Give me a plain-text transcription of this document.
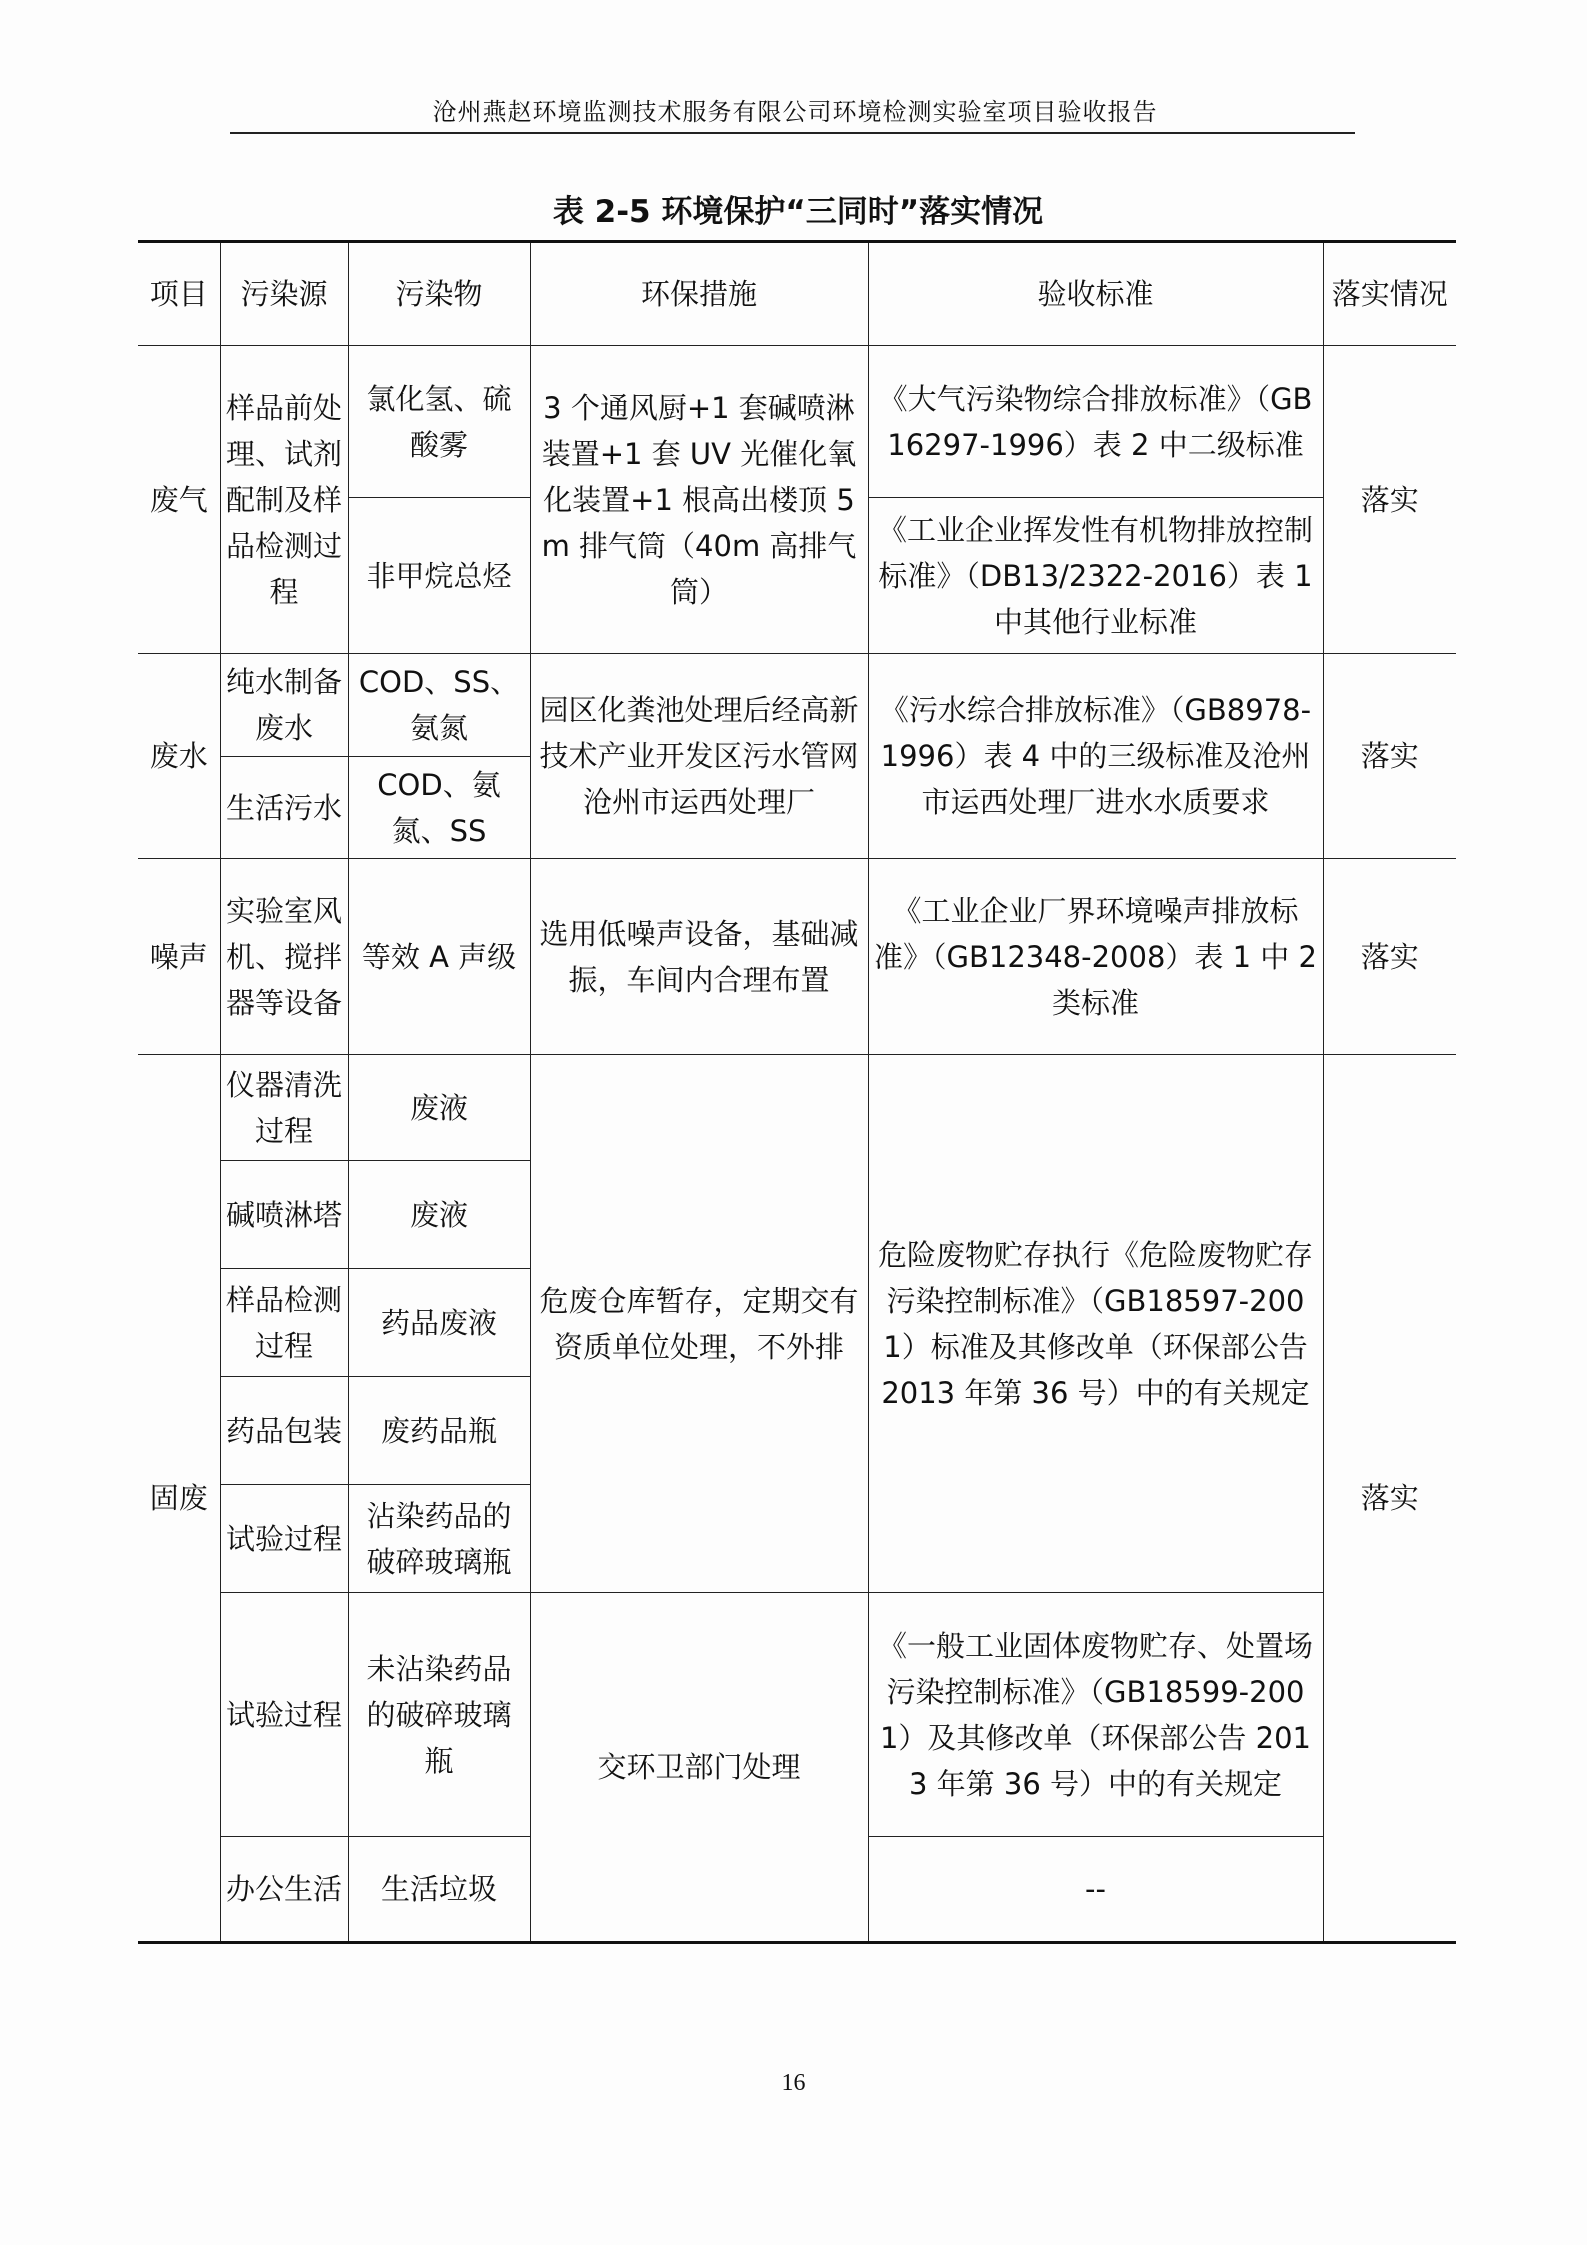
沧州燕赵环境监测技术服务有限公司环境检测实验室项目验收报告
表 2-5 环境保护“三同时”落实情况
项目	污染源	污染物	环保措施	验收标准	落实情况
废气	样品前处理、试剂配制及样品检测过程	氯化氢、硫酸雾	3 个通风厨+1 套碱喷淋装置+1 套 UV 光催化氧化装置+1 根高出楼顶 5m 排气筒（40m 高排气筒）	《大气污染物综合排放标准》（GB16297-1996）表 2 中二级标准	落实
		非甲烷总烃		《工业企业挥发性有机物排放控制标准》（DB13/2322-2016）表 1 中其他行业标准	
废水	纯水制备废水	COD、SS、氨氮	园区化粪池处理后经高新技术产业开发区污水管网沧州市运西处理厂	《污水综合排放标准》（GB8978-1996）表 4 中的三级标准及沧州市运西处理厂进水水质要求	落实
	生活污水	COD、氨氮、SS			
噪声	实验室风机、搅拌器等设备	等效 A 声级	选用低噪声设备，基础减振，车间内合理布置	《工业企业厂界环境噪声排放标准》（GB12348-2008）表 1 中 2 类标准	落实
固废	仪器清洗过程	废液	危废仓库暂存，定期交有资质单位处理，不外排	危险废物贮存执行《危险废物贮存污染控制标准》（GB18597-2001）标准及其修改单（环保部公告 2013 年第 36 号）中的有关规定	落实
	碱喷淋塔	废液			
	样品检测过程	药品废液			
	药品包装	废药品瓶			
	试验过程	沾染药品的破碎玻璃瓶			
	试验过程	未沾染药品的破碎玻璃瓶	交环卫部门处理	《一般工业固体废物贮存、处置场污染控制标准》（GB18599-2001）及其修改单（环保部公告 2013 年第 36 号）中的有关规定	
	办公生活	生活垃圾		--	
16
